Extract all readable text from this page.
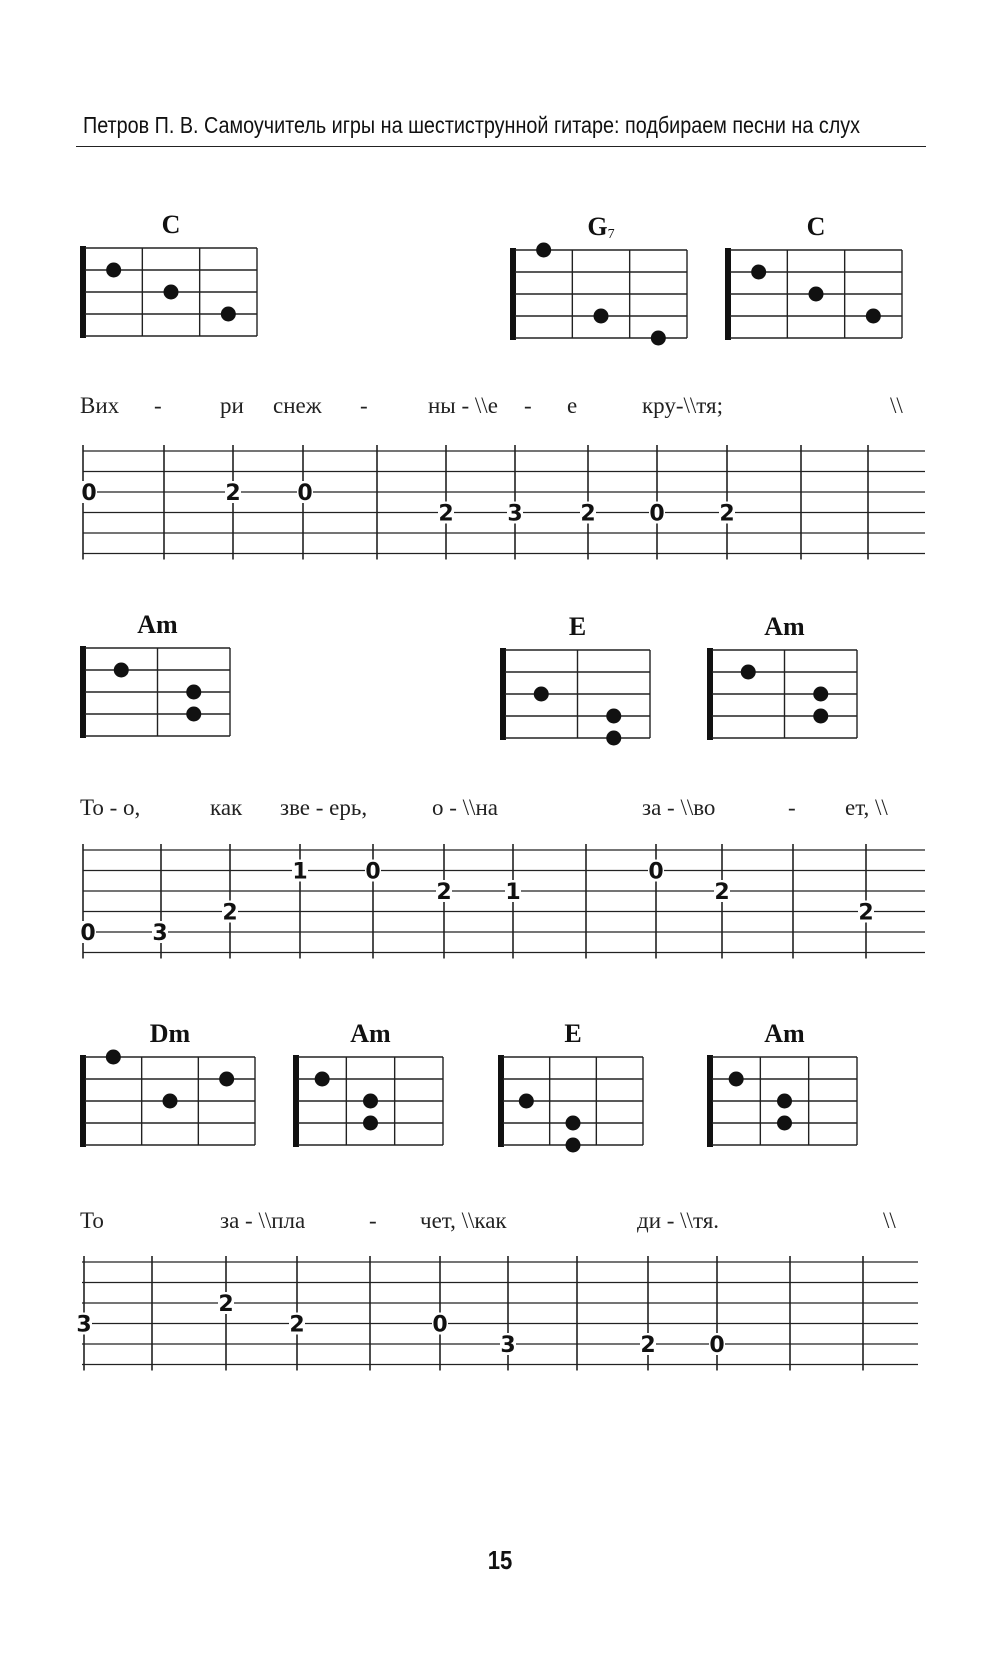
Петров П. В. Самоучитель игры на шестиструнной гитаре: подбираем песни на слух
Вих -	ри снеж -	ны - \\е - е	кру-\\тя;	\\
То - о,	как зве - ерь,	о - \\на	за - \\во	- ет, \\
То	за - \\пла	- чет, \\как	ди - \\тя.	\\
C	G7	C
0	2	0
2 3	2 0 2
Am	E	Am
0	3
2
1	0
2 1
0
2
2
Dm	Am	E	Am
3
2
2	0
3	2 0
15
